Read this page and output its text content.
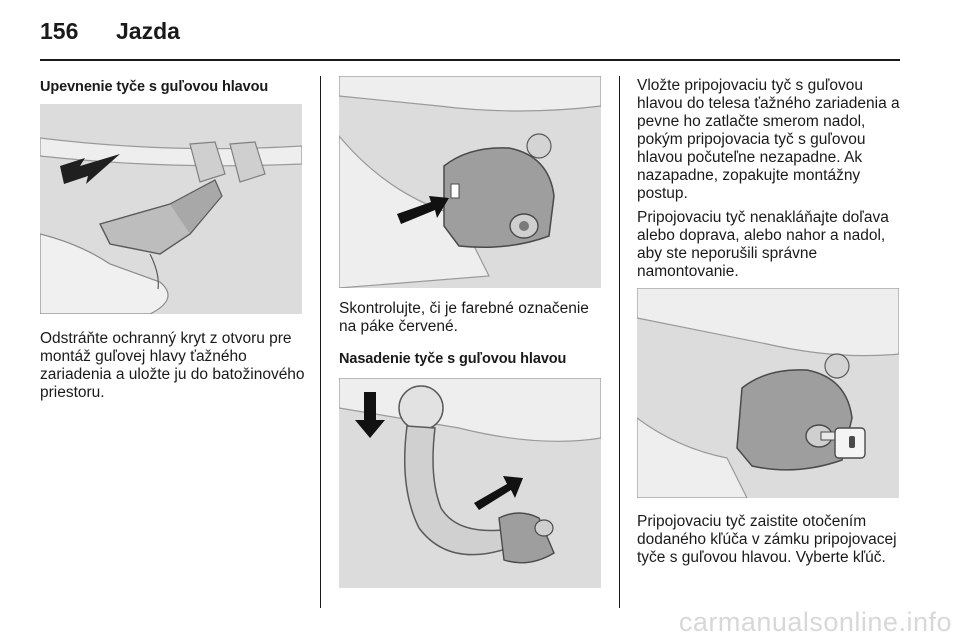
156 Jazda
Upevnenie tyče s guľovou hlavou

Odstráňte ochranný kryt z otvoru pre montáž guľovej hlavy ťažného zariadenia a uložte ju do batožinového priestoru.

Skontrolujte, či je farebné označenie na páke červené.

Nasadenie tyče s guľovou hlavou

Vložte pripojovaciu tyč s guľovou hlavou do telesa ťažného zariadenia a pevne ho zatlačte smerom nadol, pokým pripojovacia tyč s guľovou hlavou počuteľne nezapadne. Ak nazapadne, zopakujte montážny postup.

Pripojovaciu tyč nenakláňajte doľava alebo doprava, alebo nahor a nadol, aby ste neporušili správne namontovanie.

Pripojovaciu tyč zaistite otočením dodaného kľúča v zámku pripojovacej tyče s guľovou hlavou. Vyberte kľúč.

carmanualsonline.info
